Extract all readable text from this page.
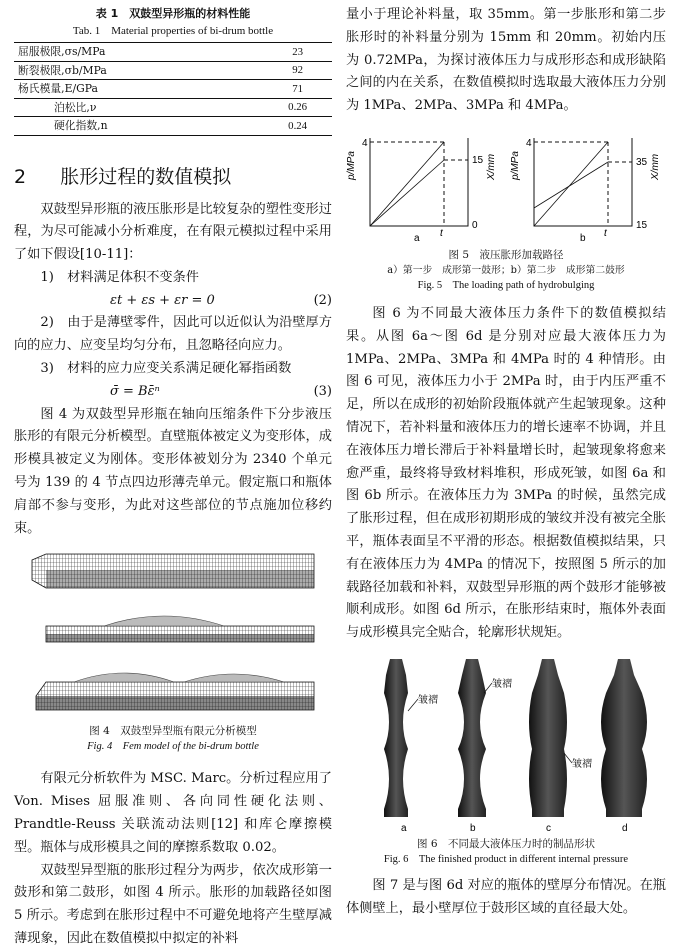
表 1　双鼓型异形瓶的材料性能
Tab. 1　Material properties of bi-drum bottle
屈服极限,σs/MPa	23
断裂极限,σb/MPa	92
杨氏模量,E/GPa	71
泊松比,ν	0.26
硬化指数,n	0.24
2 胀形过程的数值模拟

双鼓型异形瓶的液压胀形是比较复杂的塑性变形过程，为尽可能减小分析难度，在有限元模拟过程中采用了如下假设[10-11]：

1)　材料满足体积不变条件

εt + εs + εr = 0	(2)

2)　由于是薄壁零件，因此可以近似认为沿壁厚方向的应力、应变呈均匀分布，且忽略径向应力。

3)　材料的应力应变关系满足硬化幂指函数

σ̄ = Bε̄ⁿ	(3)

图 4 为双鼓型异形瓶在轴向压缩条件下分步液压胀形的有限元分析模型。直壁瓶体被定义为变形体，成形模具被定义为刚体。变形体被划分为 2340 个单元号为 139 的 4 节点四边形薄壳单元。假定瓶口和瓶体肩部不参与变形，为此对这些部位的节点施加位移约束。

图 4　双鼓型异型瓶有限元分析模型
Fig. 4　Fem model of the bi-drum bottle

有限元分析软件为 MSC. Marc。分析过程应用了 Von. Mises 屈服准则、各向同性硬化法则、Prandtle-Reuss 关联流动法则[12] 和库仑摩擦模型。瓶体与成形模具之间的摩擦系数取 0.02。

双鼓型异型瓶的胀形过程分为两步，依次成形第一鼓形和第二鼓形，如图 4 所示。胀形的加载路径如图 5 所示。考虑到在胀形过程中不可避免地将产生壁厚减薄现象，因此在数值模拟中拟定的补料

量小于理论补料量，取 35mm。第一步胀形和第二步胀形时的补料量分别为 15mm 和 20mm。初始内压为 0.72MPa，为探讨液体压力与成形形态和成形缺陷之间的内在关系，在数值模拟时选取最大液体压力分别为 1MPa、2MPa、3MPa 和 4MPa。

p/MPa
4
15
0
X/mm
t
a
p/MPa
4
35
15
X/mm
t
b
图 5　液压胀形加载路径
a）第一步　成形第一鼓形；b）第二步　成形第二鼓形
Fig. 5　The loading path of hydrobulging

图 6 为不同最大液体压力条件下的数值模拟结果。从图 6a～图 6d 是分别对应最大液体压力为 1MPa、2MPa、3MPa 和 4MPa 时的 4 种情形。由图 6 可见，液体压力小于 2MPa 时，由于内压严重不足，所以在成形的初始阶段瓶体就产生起皱现象。这种情况下，若补料量和液体压力的增长速率不协调，并且在液体压力增长滞后于补料量增长时，起皱现象将愈来愈严重，最终将导致材料堆积，形成死皱，如图 6a 和图 6b 所示。在液体压力为 3MPa 的时候，虽然完成了胀形过程，但在成形初期形成的皱纹并没有被完全胀平，瓶体表面呈不平滑的形态。根据数值模拟结果，只有在液体压力为 4MPa 的情况下，按照图 5 所示的加载路径加载和补料，双鼓型异形瓶的两个鼓形才能够被顺利成形。如图 6d 所示，在胀形结束时，瓶体外表面与成形模具完全贴合，轮廓形状规矩。

a	b	c	d
皱褶
皱褶
皱褶
图 6　不同最大液体压力时的制品形状
Fig. 6　The finished product in different internal pressure

图 7 是与图 6d 对应的瓶体的壁厚分布情况。在瓶体侧壁上，最小壁厚位于鼓形区域的直径最大处。
